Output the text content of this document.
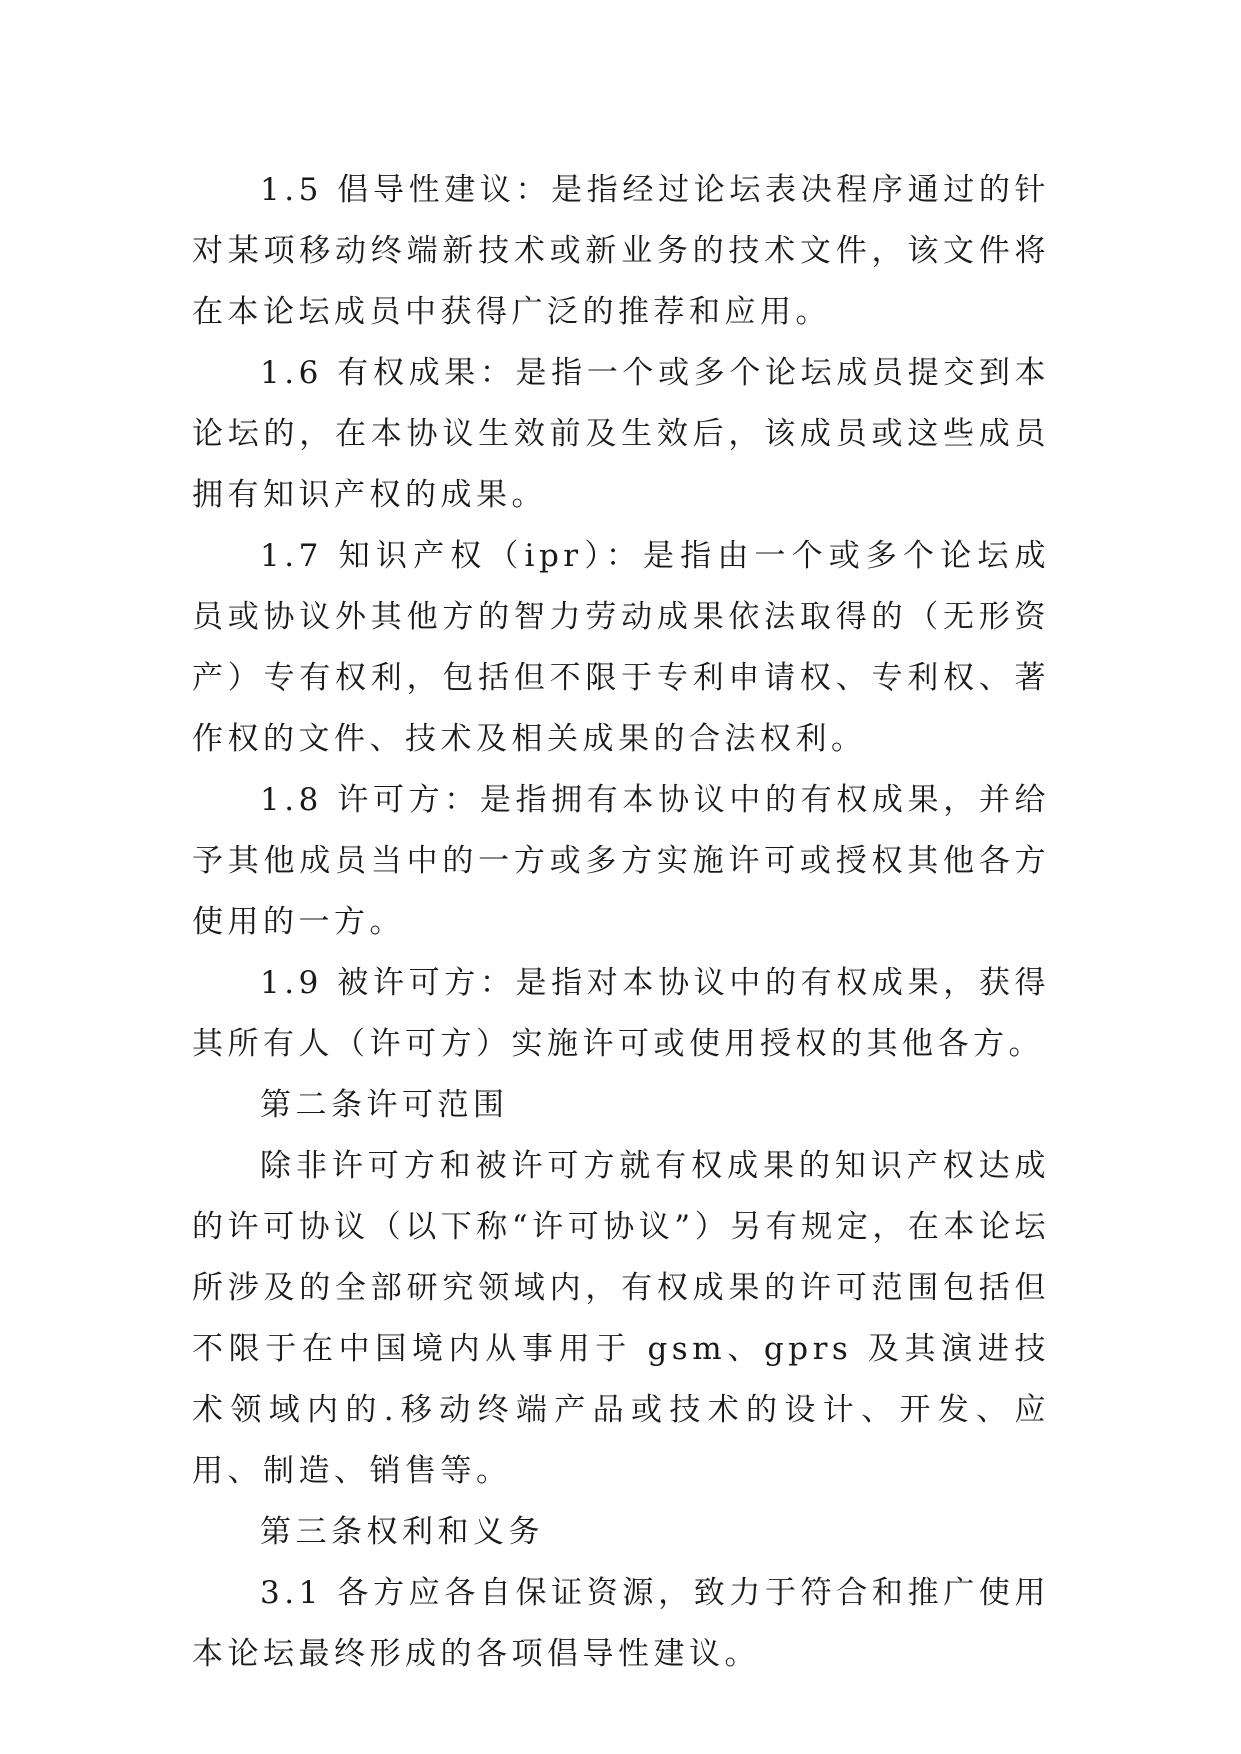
1.5 倡导性建议：是指经过论坛表决程序通过的针对某项移动终端新技术或新业务的技术文件，该文件将在本论坛成员中获得广泛的推荐和应用。

1.6 有权成果：是指一个或多个论坛成员提交到本论坛的，在本协议生效前及生效后，该成员或这些成员拥有知识产权的成果。

1.7 知识产权（ipr）：是指由一个或多个论坛成员或协议外其他方的智力劳动成果依法取得的（无形资产）专有权利，包括但不限于专利申请权、专利权、著作权的文件、技术及相关成果的合法权利。

1.8 许可方：是指拥有本协议中的有权成果，并给予其他成员当中的一方或多方实施许可或授权其他各方使用的一方。

1.9 被许可方：是指对本协议中的有权成果，获得其所有人（许可方）实施许可或使用授权的其他各方。

第二条许可范围

除非许可方和被许可方就有权成果的知识产权达成的许可协议（以下称“许可协议”）另有规定，在本论坛所涉及的全部研究领域内，有权成果的许可范围包括但不限于在中国境内从事用于 gsm、gprs 及其演进技术领域内的.移动终端产品或技术的设计、开发、应用、制造、销售等。

第三条权利和义务

3.1 各方应各自保证资源，致力于符合和推广使用本论坛最终形成的各项倡导性建议。
